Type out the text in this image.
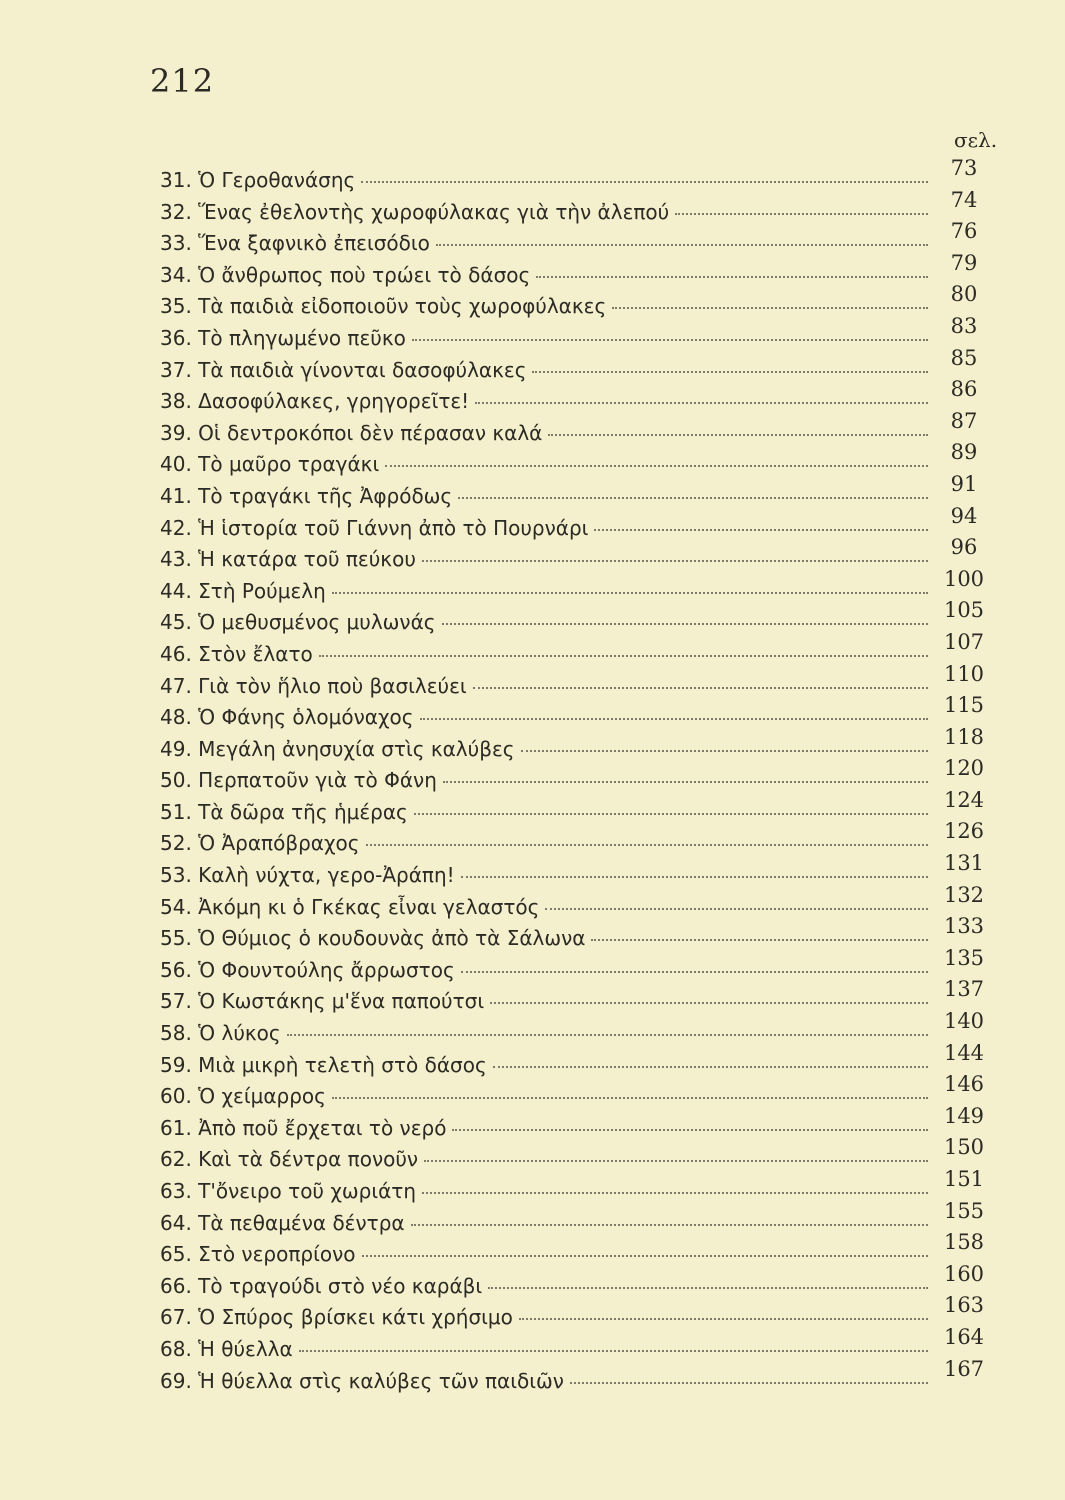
212
σελ.
31. Ὁ Γεροθανάσης	73
32. Ἕνας ἐθελοντὴς χωροφύλακας γιὰ τὴν ἀλεπού	74
33. Ἕνα ξαφνικὸ ἐπεισόδιο	76
34. Ὁ ἄνθρωπος ποὺ τρώει τὸ δάσος	79
35. Τὰ παιδιὰ εἰδοποιοῦν τοὺς χωροφύλακες	80
36. Τὸ πληγωμένο πεῦκο	83
37. Τὰ παιδιὰ γίνονται δασοφύλακες	85
38. Δασοφύλακες, γρηγορεῖτε!	86
39. Οἱ δεντροκόποι δὲν πέρασαν καλά	87
40. Τὸ μαῦρο τραγάκι	89
41. Τὸ τραγάκι τῆς Ἀφρόδως	91
42. Ἡ ἱστορία τοῦ Γιάννη ἀπὸ τὸ Πουρνάρι	94
43. Ἡ κατάρα τοῦ πεύκου	96
44. Στὴ Ρούμελη	100
45. Ὁ μεθυσμένος μυλωνάς	105
46. Στὸν ἔλατο	107
47. Γιὰ τὸν ἥλιο ποὺ βασιλεύει	110
48. Ὁ Φάνης ὁλομόναχος	115
49. Μεγάλη ἀνησυχία στὶς καλύβες	118
50. Περπατοῦν γιὰ τὸ Φάνη	120
51. Τὰ δῶρα τῆς ἡμέρας	124
52. Ὁ Ἀραπόβραχος	126
53. Καλὴ νύχτα, γερο-Ἀράπη!	131
54. Ἀκόμη κι ὁ Γκέκας εἶναι γελαστός	132
55. Ὁ Θύμιος ὁ κουδουνὰς ἀπὸ τὰ Σάλωνα	133
56. Ὁ Φουντούλης ἄρρωστος	135
57. Ὁ Κωστάκης μ'ἕνα παπούτσι	137
58. Ὁ λύκος	140
59. Μιὰ μικρὴ τελετὴ στὸ δάσος	144
60. Ὁ χείμαρρος	146
61. Ἀπὸ ποῦ ἔρχεται τὸ νερό	149
62. Καὶ τὰ δέντρα πονοῦν	150
63. Τ'ὄνειρο τοῦ χωριάτη	151
64. Τὰ πεθαμένα δέντρα	155
65. Στὸ νεροπρίονο	158
66. Τὸ τραγούδι στὸ νέο καράβι	160
67. Ὁ Σπύρος βρίσκει κάτι χρήσιμο	163
68. Ἡ θύελλα	164
69. Ἡ θύελλα στὶς καλύβες τῶν παιδιῶν	167
